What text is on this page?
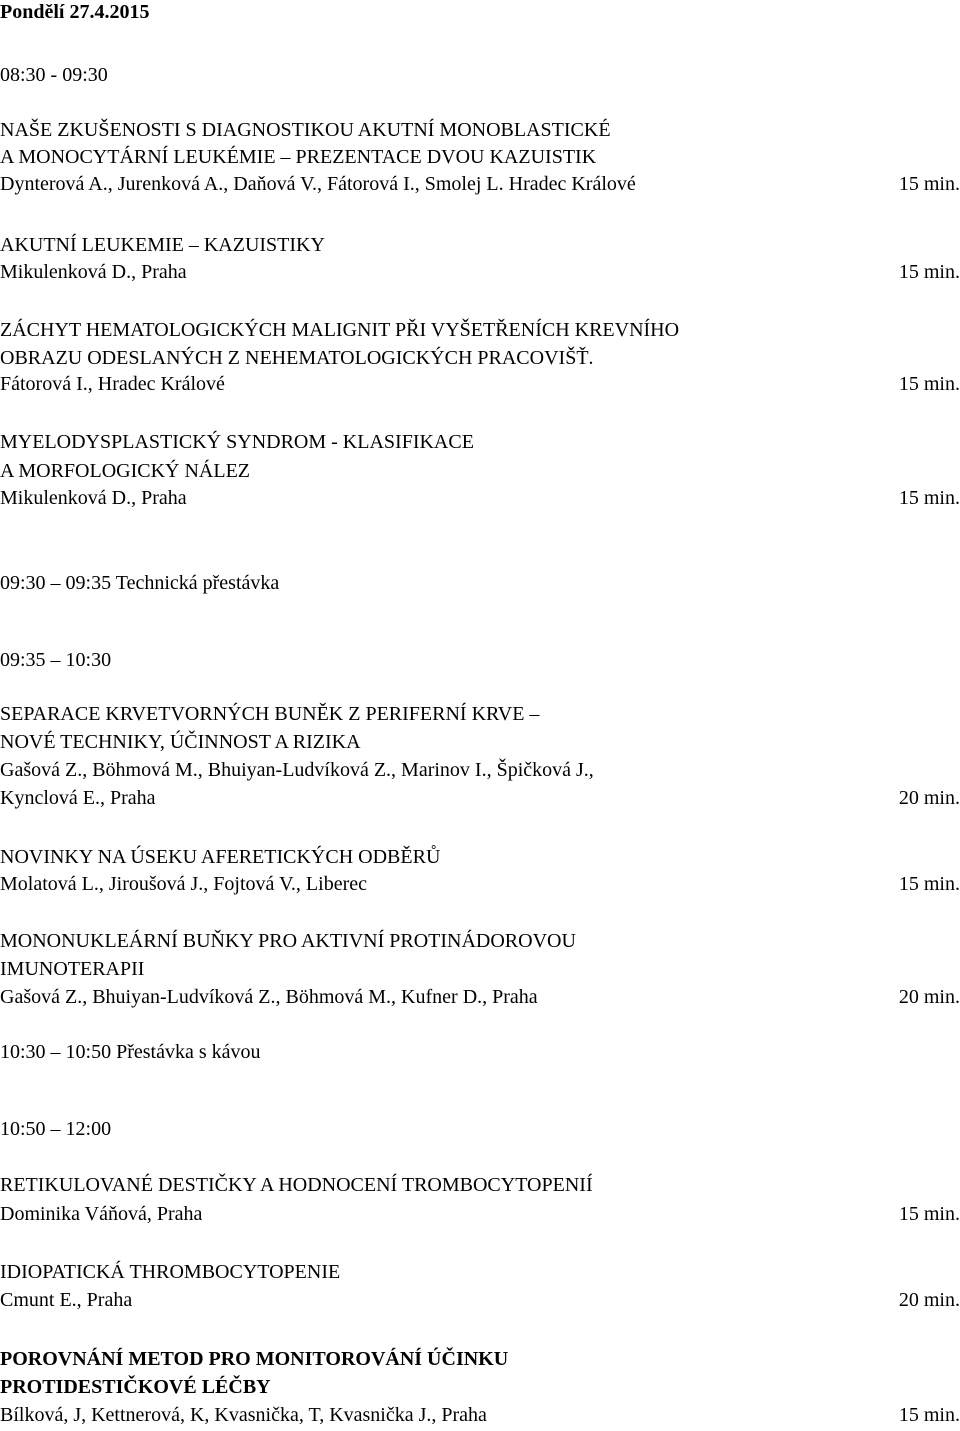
Pondělí 27.4.2015
08:30 - 09:30
NAŠE ZKUŠENOSTI S DIAGNOSTIKOU AKUTNÍ MONOBLASTICKÉ
A MONOCYTÁRNÍ LEUKÉMIE – PREZENTACE DVOU KAZUISTIK
Dynterová A., Jurenková A., Daňová V., Fátorová I., Smolej L. Hradec Králové	15 min.
AKUTNÍ LEUKEMIE – KAZUISTIKY
Mikulenková D., Praha	15 min.
ZÁCHYT HEMATOLOGICKÝCH MALIGNIT PŘI VYŠETŘENÍCH KREVNÍHO
OBRAZU ODESLANÝCH Z NEHEMATOLOGICKÝCH PRACOVIŠŤ.
Fátorová I., Hradec Králové	15 min.
MYELODYSPLASTICKÝ SYNDROM - KLASIFIKACE
A MORFOLOGICKÝ NÁLEZ
Mikulenková D., Praha	15 min.
09:30 – 09:35 Technická přestávka
09:35 – 10:30
SEPARACE KRVETVORNÝCH BUNĚK Z PERIFERNÍ KRVE –
NOVÉ TECHNIKY, ÚČINNOST A RIZIKA
Gašová Z., Böhmová M., Bhuiyan-Ludvíková Z., Marinov I., Špičková J.,
Kynclová E., Praha	20 min.
NOVINKY NA ÚSEKU AFERETICKÝCH ODBĚRŮ
Molatová L., Jiroušová J., Fojtová V., Liberec	15 min.
MONONUKLEÁRNÍ BUŇKY PRO AKTIVNÍ PROTINÁDOROVOU
IMUNOTERAPII
Gašová Z., Bhuiyan-Ludvíková Z., Böhmová M., Kufner D., Praha	20 min.
10:30 – 10:50 Přestávka s kávou
10:50 – 12:00
RETIKULOVANÉ DESTIČKY A HODNOCENÍ TROMBOCYTOPENIÍ
Dominika Váňová, Praha	15 min.
IDIOPATICKÁ THROMBOCYTOPENIE
Cmunt E., Praha	20 min.
POROVNÁNÍ METOD PRO MONITOROVÁNÍ ÚČINKU
PROTIDESTIČKOVÉ LÉČBY
Bílková, J, Kettnerová, K, Kvasnička, T, Kvasnička J., Praha	15 min.
